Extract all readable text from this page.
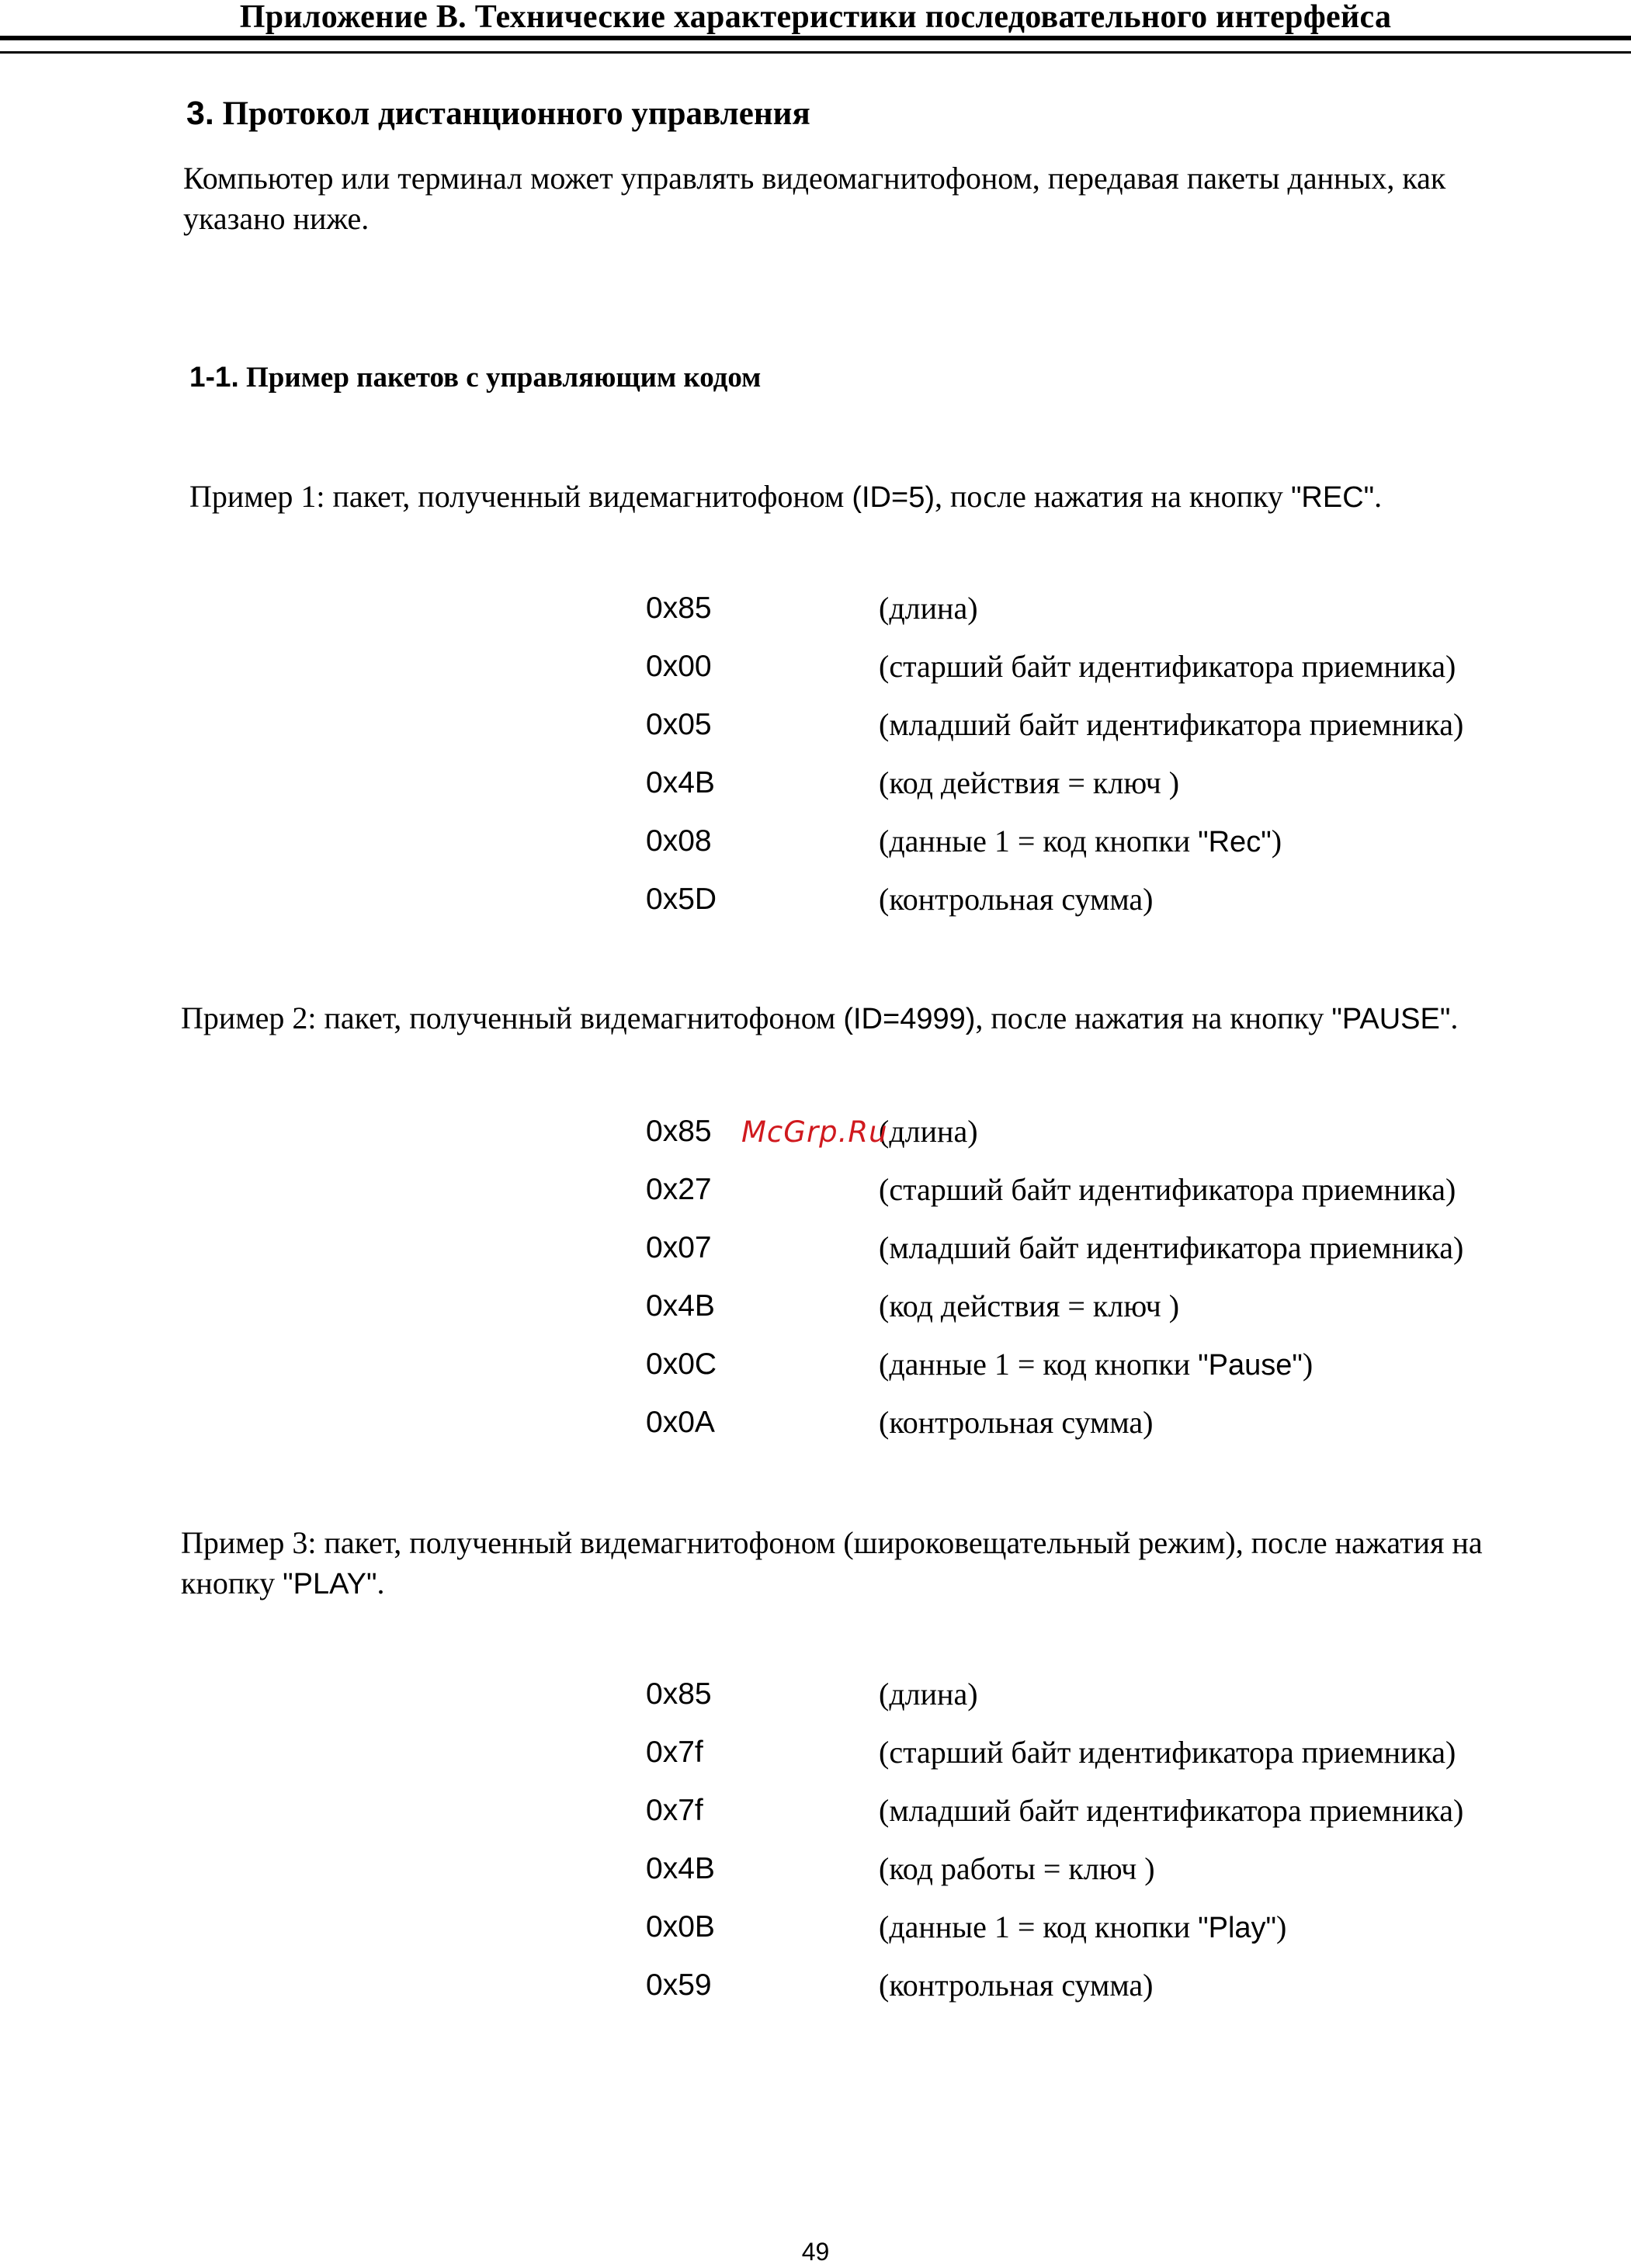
Приложение В. Технические характеристики последовательного интерфейса
3. Протокол дистанционного управления
Компьютер или терминал может управлять видеомагнитофоном, передавая пакеты данных, как указано ниже.
1-1. Пример пакетов с управляющим кодом
Пример 1: пакет, полученный видемагнитофоном (ID=5), после нажатия на кнопку "REC".
0x85	(длина)
0x00	(старший байт идентификатора приемника)
0x05	(младший байт идентификатора приемника)
0x4B	(код действия = ключ )
0x08	(данные 1 = код кнопки "Rec")
0x5D	(контрольная сумма)
Пример 2: пакет, полученный видемагнитофоном (ID=4999), после нажатия на кнопку "PAUSE".
0x85	(длина)
0x27	(старший байт идентификатора приемника)
0x07	(младший байт идентификатора приемника)
0x4B	(код действия = ключ )
0x0C	(данные 1 = код кнопки "Pause")
0x0A	(контрольная сумма)
Пример 3: пакет, полученный видемагнитофоном (широковещательный режим), после нажатия на кнопку "PLAY".
0x85	(длина)
0x7f	(старший байт идентификатора приемника)
0x7f	(младший байт идентификатора приемника)
0x4B	(код работы = ключ )
0x0B	(данные 1 = код кнопки "Play")
0x59	(контрольная сумма)
McGrp.Ru
49
